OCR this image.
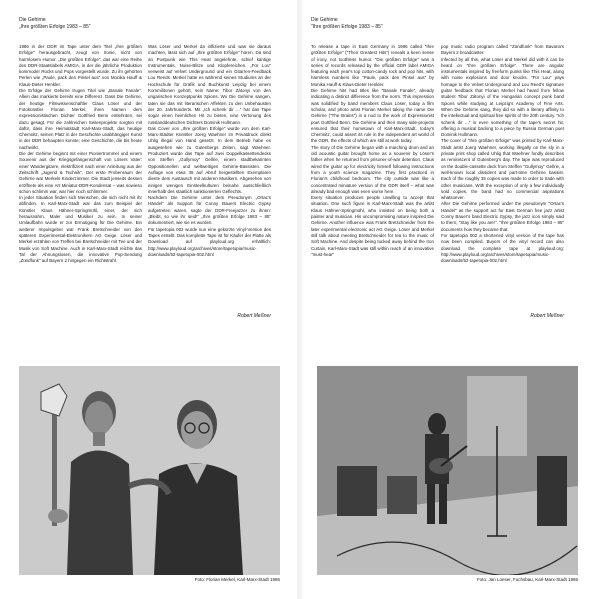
Die Gehirne
„Ihre größten Erfolge 1983 – 85"

1986 in der DDR im Tape unter dem Titel „Ihre größten Erfolge" herausgebracht, zeugt von Ironie, nicht von harmlosem Humor. „Die größten Erfolge", das war eine Reihe des DDR-Staatslabels AMIGA, in der die jährliche Produktion kommoder Rocks und Pops vorgestellt wurde. Zu ihr gehörten Perlen wie „Paule, pack den Pinsel aus" von Monika Hauff & Klaus-Dieter Henkler.

Die Erfolge der Gehirne trugen Titel wie „Banale Fanale". Allein das markierte bereits eine Differenz. Dass Die Gehirne, der heutige Filmwissenschaftler Claus Löser und der Fotokünstler Florian Merkel, ihren Namen dem expressionistischen Dichter Gottfried Benn entlehnten, sei dazu gesagt. Für die zahlreichen Seitenprojekte sorgten mit dafür, dass ihre Heimatstadt Karl-Marx-Stadt, das heutige Chemnitz, seinen Platz in der Geschichte unabhängiger Kunst in der DDR behaupten konnte; eine Geschichte, die bis heute nachwirkt.

Die der Gehirne beginnt mit einer Pioniertrommel und einem Souvenir aus der Kriegsgefangenschaft von Lösers Vater: einer Wandergitarre, elektrifiziert nach einer Anleitung aus der Zeitschrift „Jugend & Technik". Der erste Probenraum der Gehirne war Merkels Kinderzimmer. Die Stadt jenseits dessen eröffnete als eine Art Miniatur-DDR-Kondensat – was sowieso schon schlimm war, war hier noch schlimmer.

In jeder Situation finden sich Menschen, die sich nicht mit ihr abfinden. In Karl-Marx-Stadt war das zum Beispiel der Künstler Klaus Hähner-Springmühl, einer, der sich herausnahm, Maler und Musiker zu sein. In seiner Umlaufbahn wurde er zur Ermutigung für Die Gehirne. Ein weiterer Impulsgeber war Frank Bretschneider von den späteren Experimental-Elektronikern AG Geige. Löser und Merkel erzählen von Treffen bei Bretschneider mit Tee und der Musik von Soft Machine. Auch in Karl-Marx-Stadt reichte das Tal der Ahnungslosen, die innovative Pop-Sendung „Zündfunk" auf Bayern 2 hingegen ein Richtstrahl.

Was Löser und Merkel da inflizierte und was sie daraus machten, lässt sich auf „Ihre größten Erfolge" hören. Da sind an Postpunk wie This Heat angelehnte, schief kantige Instrumentals, Noise-Blitze und Klopfereichen. „Für Lou" verweist auf Velvet Underground und ein Gitarren-Feedback Lou Reeds. Merkel hatte es während seines Studiums an der Hochschule für Grafik und Buchkunst Leipzig bei einem Kommilitonen gehört, sein Name: Tibor Zátonyi von den ungarischen Konzeptpunks Spions. Wo Die Gehirne sangen, taten sie das mit literarischen Affekten zu den Unbehausten der 20. Jahrhunderts. Mit „Ich schenk dir ..." hat das Tape sogar einen heimlichen Hit zu bieten, eine Vertonung des russlanddeutschen Dichters Dominik Hollmann.

Das Cover von „Ihre größten Erfolge" wurde von dem Karl-Marx-Städter Künstler Joerg Waehner im Privatdruck direkt Uhlig illegal von Hand gesetzt. In dem Betrieb habe es ausgesehen wie zu Gutenbergs Zeiten, sagt Waehner. Produziert wurde das Tape auf zwei Doppelkassettendecks von Steffen „Gullymoy" Gellrie, einem stadtbekannten Oppositionellen und weltweitigen Gehirne-Bassisten. Die Auflage von etwa 35 auf Abruf hergestellten Exemplaren diente dem Austausch mit anderen Musikern. Abgesehen von einigen wenigen Einsteelkulturen beinahe ausschließlich innerhalb des staatlich sanktionierten Geflechts.

Nachdem Die Gehirne unter dem Pseudonym „Ortac's Händel" als Support für Conny Bauers Electric Gypsy aufgetreten waren, sagte der DDR-Freejazzer zu ihnen: „Bleibt, so wie ihr seid!" „Ihre größten Erfolge 1983 – 85" dokumentiert, wie sie es wurden.

Für tapetopia 002 wurde nun eine gekürzte Vinyl-Version des Tapes erstellt. Das komplette Tape ist für Käufer der Platte als Download auf playloud.org erhältlich: http://www.playloud.org/archives/store/tapetopia/music-downloads/52-tapetopia-002.html

Robert Meßner
Foto: Florian Merkel, Karl-Marx-Stadt 1986
Die Gehirne
"Ihre größten Erfolge 1983 – 85"

To release a tape in East Germany in 1986 called "Ihre größten Erfolge" ("Their Greatest Hits") reveals a keen sense of irony, not toothless humor. "Die größten Erfolge" was a series of records released by the official GDR label AMIGA featuring each year's top cotton-candy rock and pop hits, with harmless numbers like "Paule, pack den Pinsel aus" by Monika Hauff & Klaus-Dieter Henkler.

Die Gehirne hits had titles like "Banale Fanale", already indicating a distinct difference from the norm. This impression was solidified by band members Claus Löser, today a film scholar, and photo artist Florian Merkel taking the name Die Gehirne ("The Brains") in a nod to the work of Expressionist poet Gottfried Benn. Die Gehirne and their many side-projects ensured that their hometown of Karl-Marx-Stadt, today's Chemnitz, could assert its role in the independent art world of the GDR, the effects of which are still at work today.

The story of Die Gehirne began with a marching drum and an old acoustic guitar brought home as a souvenir by Löser's father when he returned from prisoner-of-war detention. Claus wired the guitar up for electricity himself following instructions from a youth science magazine. They first practiced in Florian's childhood bedroom. The city outside was like a concentrated miniature version of the GDR itself – what was already bad enough was even worse here.

Every situation produces people unwilling to accept that situation. One such figure in Karl-Marx-Stadt was the artist Klaus Hähner-Springmühl, who insisted on being both a painter and musician. His uncompromising nature inspired Die Gehirne. Another influence was Frank Bretschneider from the later experimental electronic act AG Geige. Löser and Merkel still talk about meeting Bretschneider for tea to the music of Soft Machine. And despite being tucked away behind the Iron Curtain, Karl-Marx-Stadt was still within reach of an innovative "must-hear"

pop music radio program called "Zündfunk" from Bavaria's Bayern 2 broadcaster.

Infected by all this, what Löser and Merkel did with it can be heard on "Ihre größten Erfolge". There are angular instrumentals inspired by freeform punks like This Heat, along with noise explosions and door knocks. "Für Lou" pays homage to the Velvet Underground and Lou Reed's signature guitar feedback that Florian Merkel had heard from fellow student Tibor Zátonyi of the Hungarian concept punk band Spions while studying at Leipzig's Academy of Fine Arts. When Die Gehirne sang, they did so with a literary affinity to the intellectual and spiritual free spirits of the 20th century. "Ich schenk dir ..." is even something of the tape's secret hit, offering a musical backing to a piece by Russia German poet Dominik Hollmann.

The cover of "Ihre größten Erfolge" was printed by Karl-Marx-Stadt artist Joerg Waehner, working illegally on the sly in a private print shop called Uhlig that Waehner fondly describes as reminiscent of Gutenberg's day. The tape was reproduced on the double-cassette deck from Steffen "Gullymoy" Gellrie, a well-known local dissident and part-time Gehirne bassist. Each of the roughly 35 copies was made to order to trade with other musicians. With the exception of only a few individually sold copies, the band had no commercial aspirations whatsoever.

After Die Gehirne performed under the pseudonym "Ortac's Händel" as the support act for East German free jazz artist Conny Bauer's band Electric Gypsy, the jazz icon simply said to them, "Stay like you are!". "Ihre größten Erfolge 1983 – 85" documents how they became that.

For tapetopia 002 a shortened vinyl version of the tape has now been compiled. Buyers of the vinyl record can also download the complete tape at playloud.org: http://www.playloud.org/archives/store/tapetopia/music-downloads/52-tapetopia-002.html

Robert Meßner
Foto: Jan Loeser, Fuchsbau, Karl-Marx-Stadt 1986
